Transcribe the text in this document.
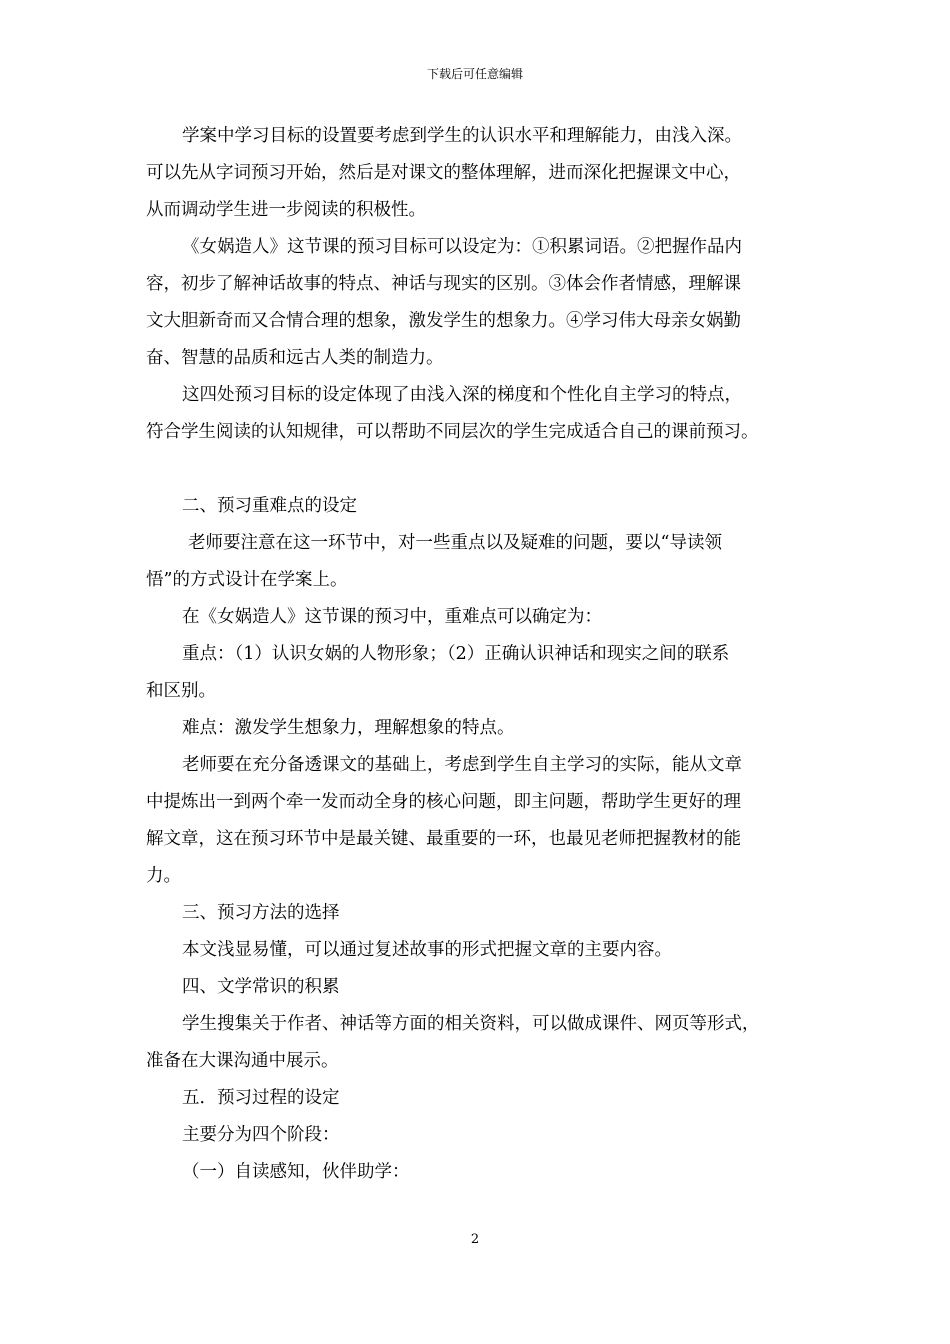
下载后可任意编辑
学案中学习目标的设置要考虑到学生的认识水平和理解能力，由浅入深。
可以先从字词预习开始，然后是对课文的整体理解，进而深化把握课文中心，
从而调动学生进一步阅读的积极性。
《女娲造人》这节课的预习目标可以设定为：①积累词语。②把握作品内
容，初步了解神话故事的特点、神话与现实的区别。③体会作者情感，理解课
文大胆新奇而又合情合理的想象，激发学生的想象力。④学习伟大母亲女娲勤
奋、智慧的品质和远古人类的制造力。
这四处预习目标的设定体现了由浅入深的梯度和个性化自主学习的特点，
符合学生阅读的认知规律，可以帮助不同层次的学生完成适合自己的课前预习。
二、预习重难点的设定
老师要注意在这一环节中，对一些重点以及疑难的问题，要以“导读领
悟”的方式设计在学案上。
在《女娲造人》这节课的预习中，重难点可以确定为：
重点：（1）认识女娲的人物形象；（2）正确认识神话和现实之间的联系
和区别。
难点：激发学生想象力，理解想象的特点。
老师要在充分备透课文的基础上，考虑到学生自主学习的实际，能从文章
中提炼出一到两个牵一发而动全身的核心问题，即主问题，帮助学生更好的理
解文章，这在预习环节中是最关键、最重要的一环，也最见老师把握教材的能
力。
三、预习方法的选择
本文浅显易懂，可以通过复述故事的形式把握文章的主要内容。
四、文学常识的积累
学生搜集关于作者、神话等方面的相关资料，可以做成课件、网页等形式，
准备在大课沟通中展示。
五．预习过程的设定
主要分为四个阶段：
（一）自读感知，伙伴助学：
2
